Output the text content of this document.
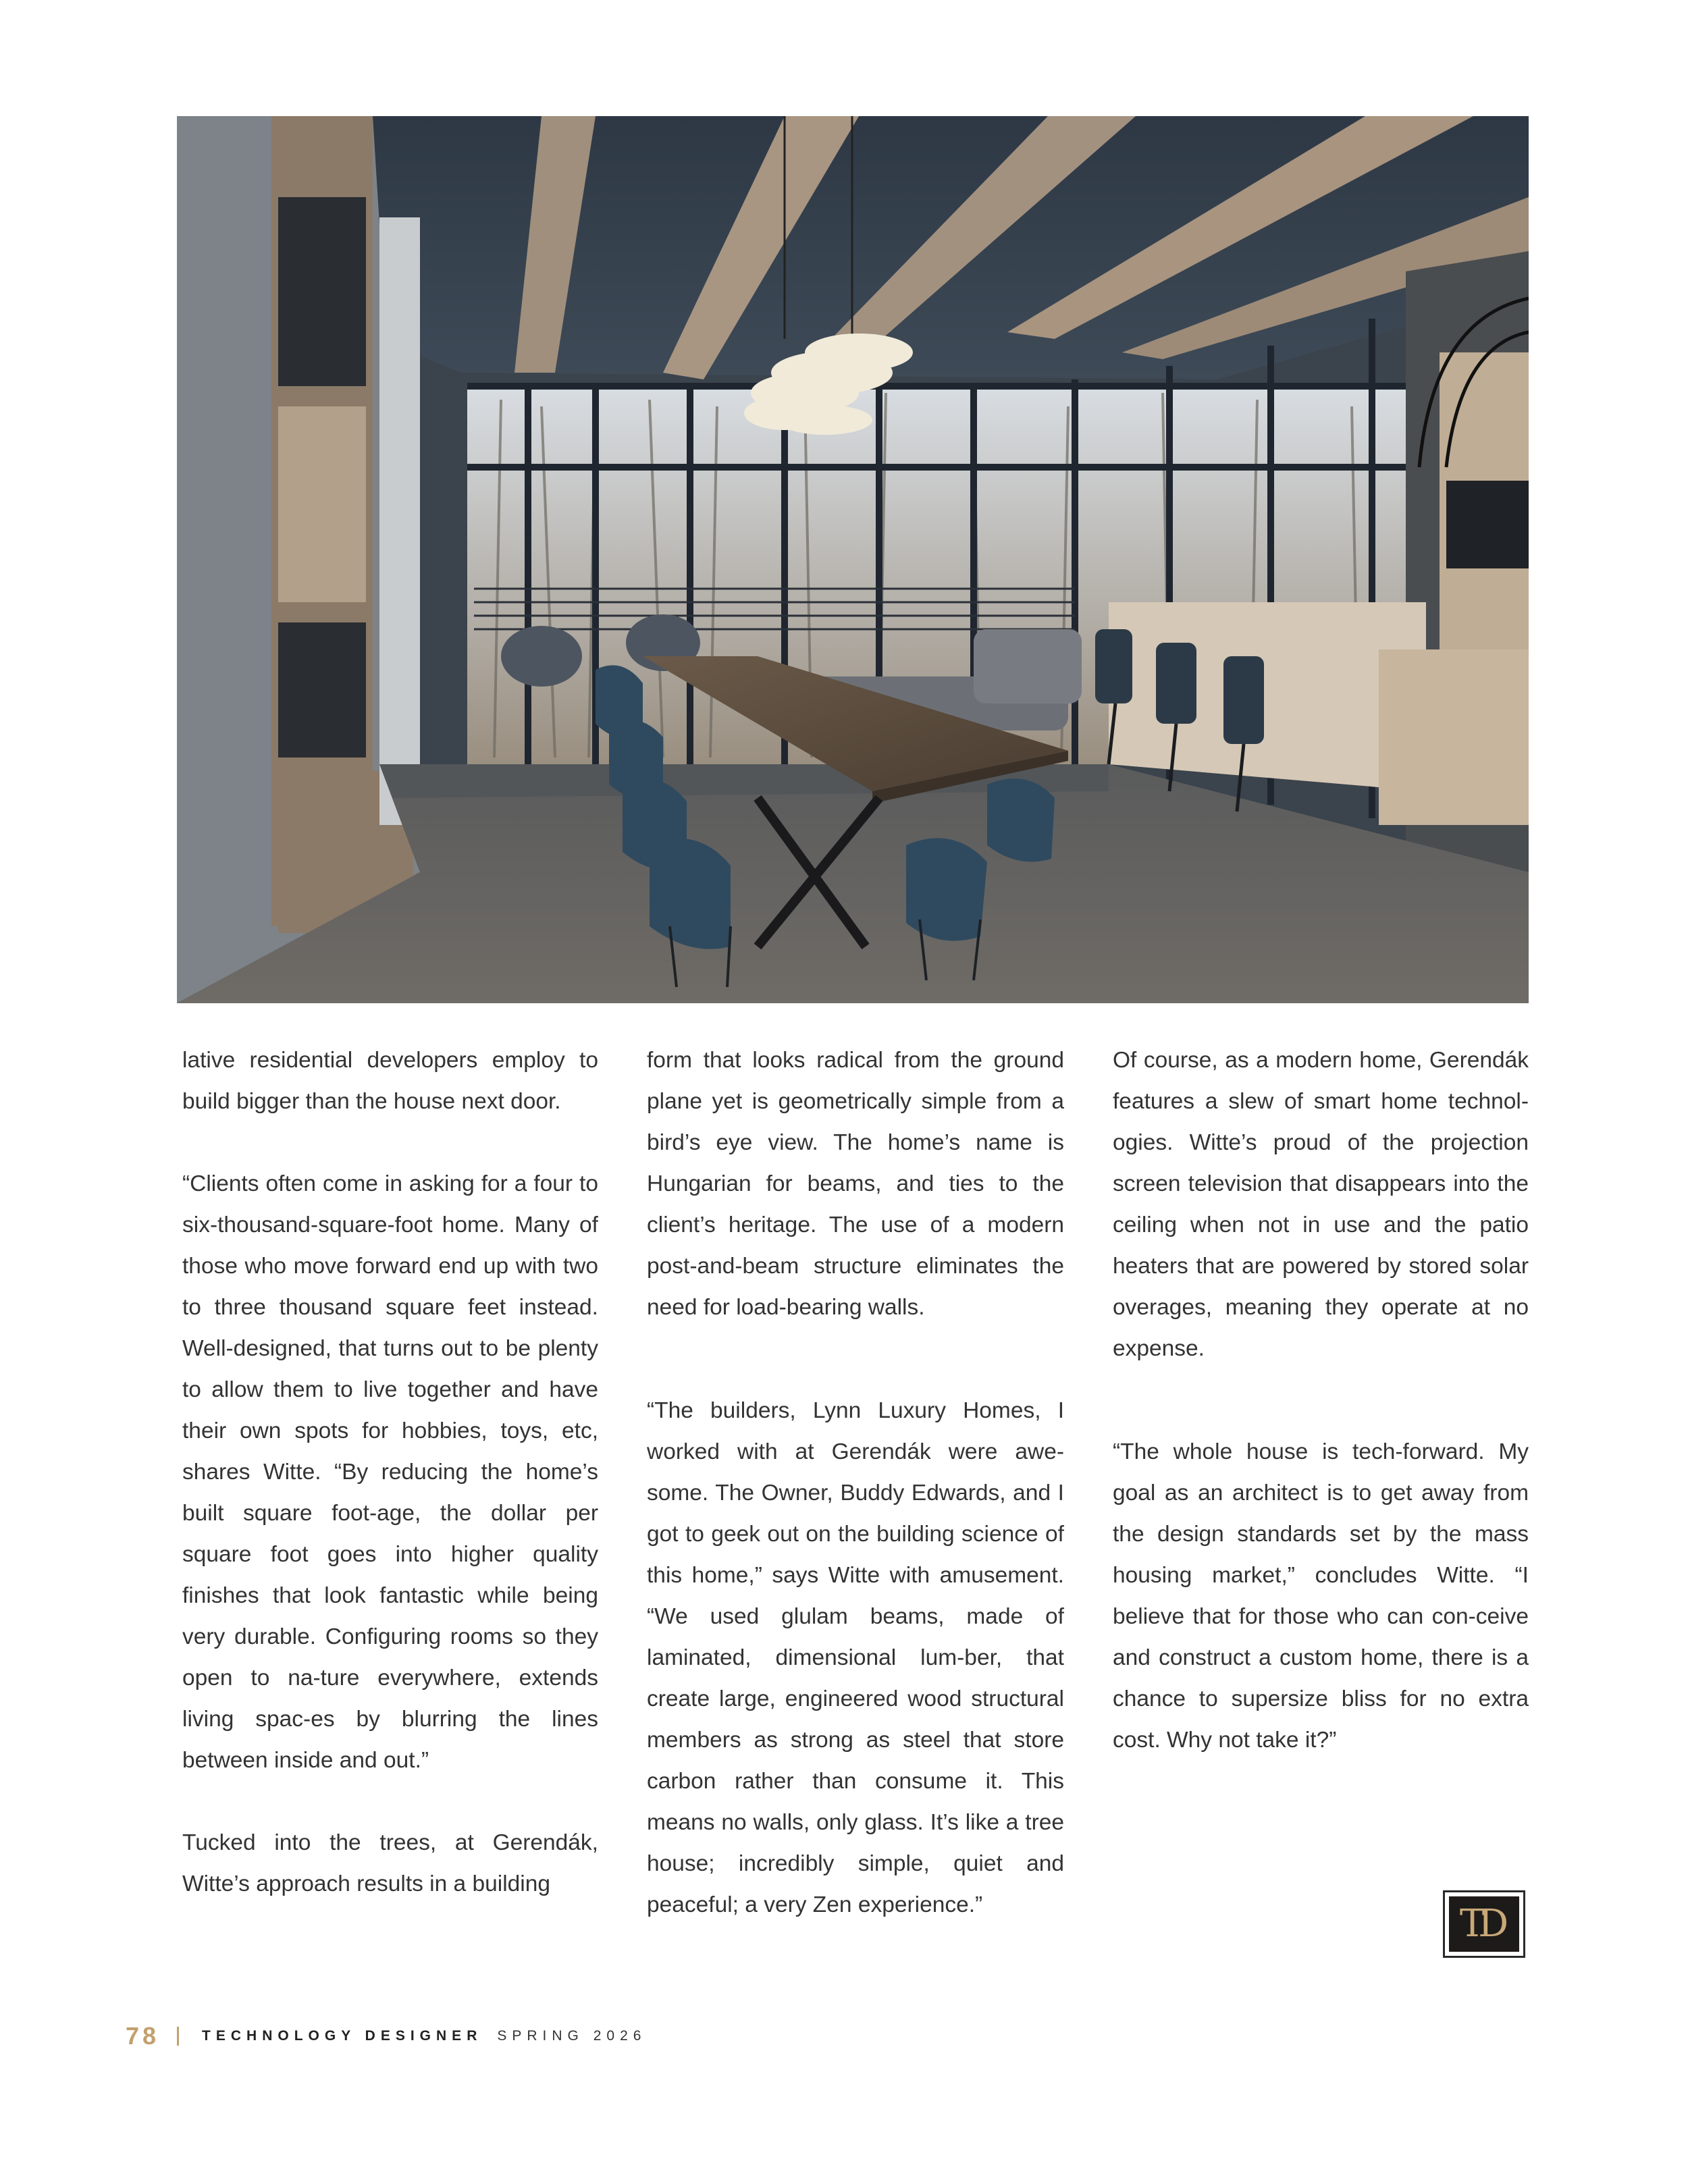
lative residential developers employ to build bigger than the house next door.

“Clients often come in asking for a four to six-thousand-square-foot home. Many of those who move forward end up with two to three thousand square feet instead. Well-designed, that turns out to be plenty to allow them to live together and have their own spots for hobbies, toys, etc, shares Witte. “By reducing the home’s built square foot-age, the dollar per square foot goes into higher quality finishes that look fantastic while being very durable. Configuring rooms so they open to na-ture everywhere, extends living spac-es by blurring the lines between inside and out.”

Tucked into the trees, at Gerendák, Witte’s approach results in a building

form that looks radical from the ground plane yet is geometrically simple from a bird’s eye view. The home’s name is Hungarian for beams, and ties to the client’s heritage. The use of a modern post-and-beam structure eliminates the need for load-bearing walls.

“The builders, Lynn Luxury Homes, I worked with at Gerendák were awe-some. The Owner, Buddy Edwards, and I got to geek out on the building science of this home,” says Witte with amusement. “We used glulam beams, made of laminated, dimensional lum-ber, that create large, engineered wood structural members as strong as steel that store carbon rather than consume it. This means no walls, only glass. It’s like a tree house; incredibly simple, quiet and peaceful; a very Zen experience.”

Of course, as a modern home, Gerendák features a slew of smart home technol-ogies. Witte’s proud of the projection screen television that disappears into the ceiling when not in use and the patio heaters that are powered by stored solar overages, meaning they operate at no expense.

“The whole house is tech-forward. My goal as an architect is to get away from the design standards set by the mass housing market,” concludes Witte. “I believe that for those who can con-ceive and construct a custom home, there is a chance to supersize bliss for no extra cost. Why not take it?”

TD
78	TECHNOLOGY DESIGNER SPRING 2026
